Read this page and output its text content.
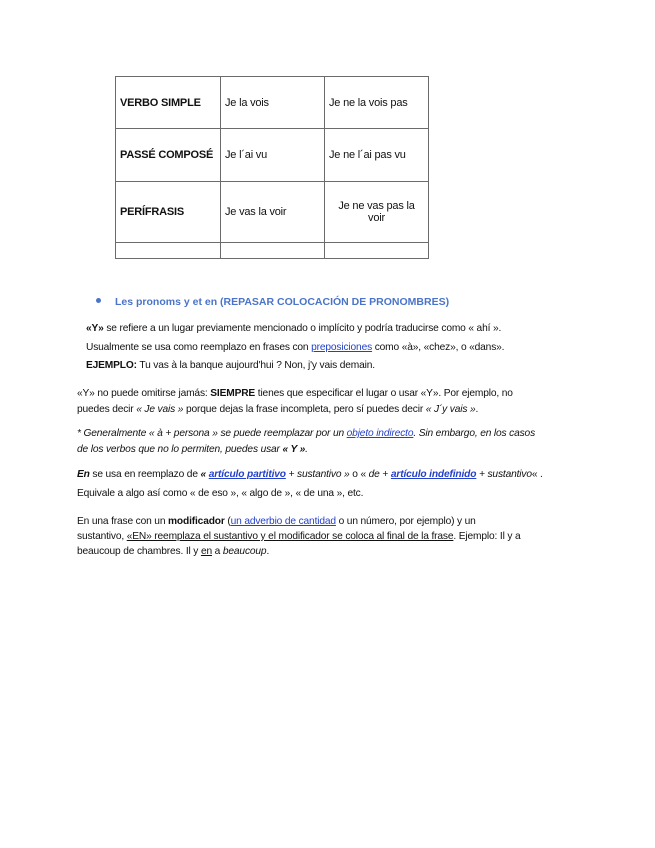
VERBO SIMPLE	Je la vois	Je ne la vois pas
PASSÉ COMPOSÉ	Je l´ai vu	Je ne l´ai pas vu
PERÍFRASIS	Je vas la voir	Je ne vas pas la voir

Les pronoms y et en (REPASAR COLOCACIÓN DE PRONOMBRES)
«Y» se refiere a un lugar previamente mencionado o implícito y podría traducirse como « ahí ».
Usualmente se usa como reemplazo en frases con preposiciones como «à», «chez», o «dans».
EJEMPLO: Tu vas à la banque aujourd'hui ? Non, j'y vais demain.
«Y» no puede omitirse jamás: SIEMPRE tienes que especificar el lugar o usar «Y». Por ejemplo, no
puedes decir « Je vais » porque dejas la frase incompleta, pero sí puedes decir « J´y vais ».
* Generalmente « à + persona » se puede reemplazar por un objeto indirecto. Sin embargo, en los casos
de los verbos que no lo permiten, puedes usar « Y ».
En se usa en reemplazo de « artículo partitivo + sustantivo » o « de + artículo indefinido + sustantivo« .
Equivale a algo así como « de eso », « algo de », « de una », etc.
En una frase con un modificador (un adverbio de cantidad o un número, por ejemplo) y un
sustantivo, «EN» reemplaza el sustantivo y el modificador se coloca al final de la frase. Ejemplo: Il y a
beaucoup de chambres. Il y en a beaucoup.
